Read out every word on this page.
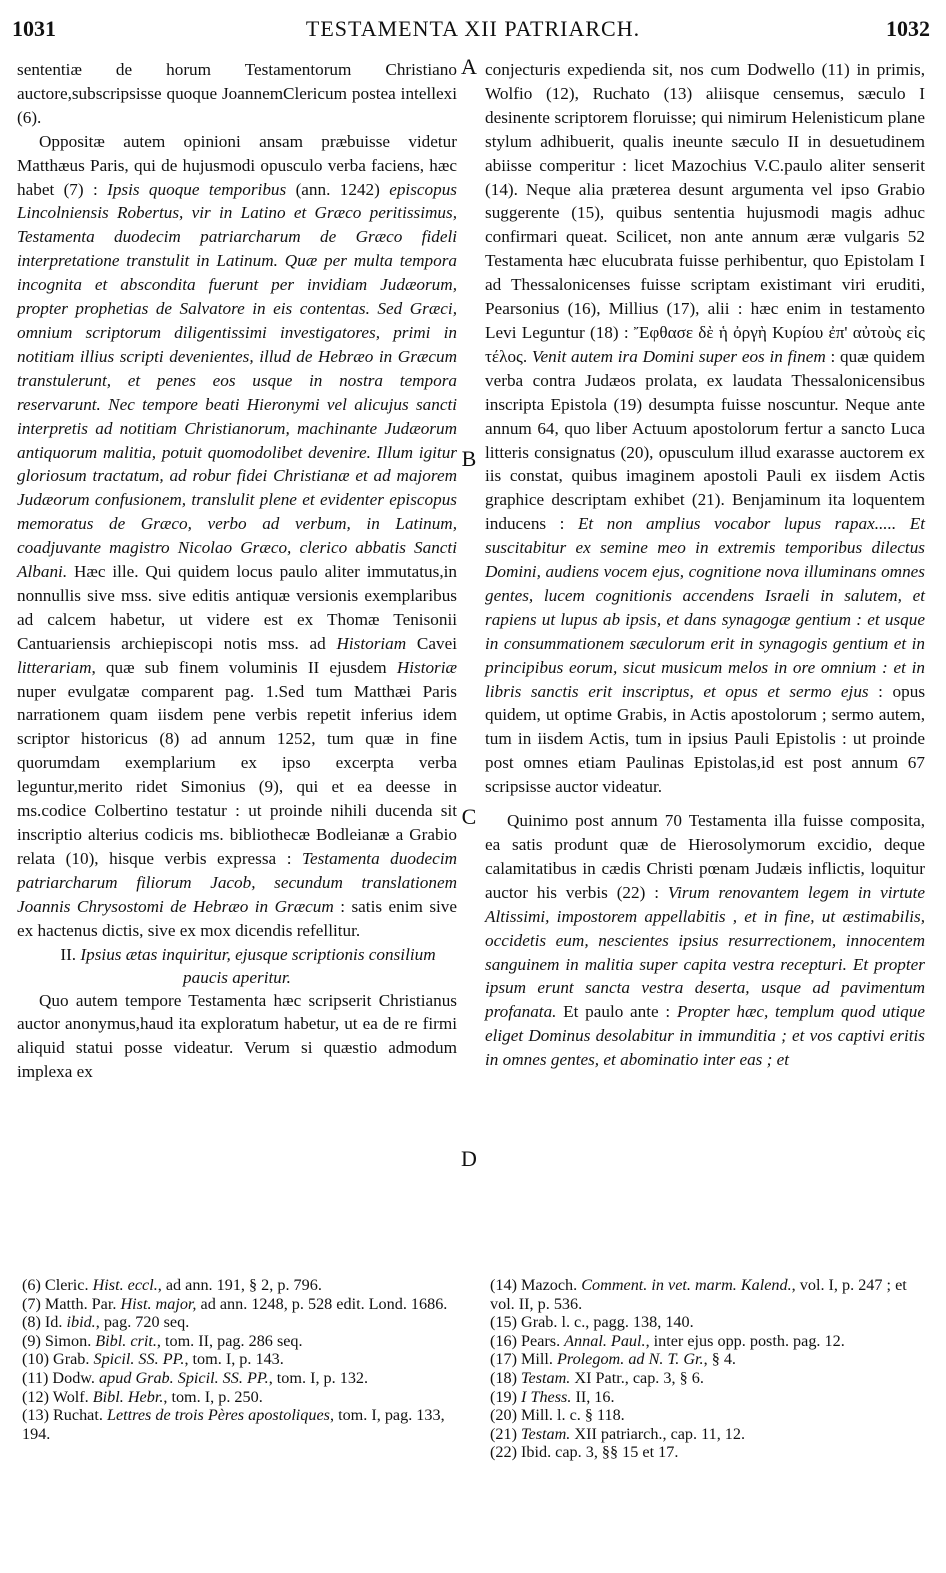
1031	TESTAMENTA XII PATRIARCH.	1032
A
B
C
D

sententiæ de horum Testamentorum Christiano auctore,subscripsisse quoque JoannemClericum postea intellexi (6).

Oppositæ autem opinioni ansam præbuisse videtur Matthæus Paris, qui de hujusmodi opusculo verba faciens, hæc habet (7) : Ipsis quoque temporibus (ann. 1242) episcopus Lincolniensis Robertus, vir in Latino et Græco peritissimus, Testamenta duodecim patriarcharum de Græco fideli interpretatione transtulit in Latinum. Quæ per multa tempora incognita et abscondita fuerunt per invidiam Judæorum, propter prophetias de Salvatore in eis contentas. Sed Græci, omnium scriptorum diligentissimi investigatores, primi in notitiam illius scripti devenientes, illud de Hebræo in Græcum transtulerunt, et penes eos usque in nostra tempora reservarunt. Nec tempore beati Hieronymi vel alicujus sancti interpretis ad notitiam Christianorum, machinante Judæorum antiquorum malitia, potuit quomodolibet devenire. Illum igitur gloriosum tractatum, ad robur fidei Christianæ et ad majorem Judæorum confusionem, translulit plene et evidenter episcopus memoratus de Græco, verbo ad verbum, in Latinum, coadjuvante magistro Nicolao Græco, clerico abbatis Sancti Albani. Hæc ille. Qui quidem locus paulo aliter immutatus,in nonnullis sive mss. sive editis antiquæ versionis exemplaribus ad calcem habetur, ut videre est ex Thomæ Tenisonii Cantuariensis archiepiscopi notis mss. ad Historiam Cavei litterariam, quæ sub finem voluminis II ejusdem Historiæ nuper evulgatæ comparent pag. 1.Sed tum Matthæi Paris narrationem quam iisdem pene verbis repetit inferius idem scriptor historicus (8) ad annum 1252, tum quæ in fine quorumdam exemplarium ex ipso excerpta verba leguntur,merito ridet Simonius (9), qui et ea deesse in ms.codice Colbertino testatur : ut proinde nihili ducenda sit inscriptio alterius codicis ms. bibliothecæ Bodleianæ a Grabio relata (10), hisque verbis expressa : Testamenta duodecim patriarcharum filiorum Jacob, secundum translationem Joannis Chrysostomi de Hebræo in Græcum : satis enim sive ex hactenus dictis, sive ex mox dicendis refellitur.

II. Ipsius ætas inquiritur, ejusque scriptionis consilium paucis aperitur.

Quo autem tempore Testamenta hæc scripserit Christianus auctor anonymus,haud ita exploratum habetur, ut ea de re firmi aliquid statui posse videatur. Verum si quæstio admodum implexa ex

conjecturis expedienda sit, nos cum Dodwello (11) in primis, Wolfio (12), Ruchato (13) aliisque censemus, sæculo I desinente scriptorem floruisse; qui nimirum Helenisticum plane stylum adhibuerit, qualis ineunte sæculo II in desuetudinem abiisse comperitur : licet Mazochius V.C.paulo aliter senserit (14). Neque alia præterea desunt argumenta vel ipso Grabio suggerente (15), quibus sententia hujusmodi magis adhuc confirmari queat. Scilicet, non ante annum æræ vulgaris 52 Testamenta hæc elucubrata fuisse perhibentur, quo Epistolam I ad Thessalonicenses fuisse scriptam existimant viri eruditi, Pearsonius (16), Millius (17), alii : hæc enim in testamento Levi Leguntur (18) : Ἔφθασε δὲ ἡ ὀργὴ Κυρίου ἐπ' αὐτοὺς εἰς τέλος. Venit autem ira Domini super eos in finem : quæ quidem verba contra Judæos prolata, ex laudata Thessalonicensibus inscripta Epistola (19) desumpta fuisse noscuntur. Neque ante annum 64, quo liber Actuum apostolorum fertur a sancto Luca litteris consignatus (20), opusculum illud exarasse auctorem ex iis constat, quibus imaginem apostoli Pauli ex iisdem Actis graphice descriptam exhibet (21). Benjaminum ita loquentem inducens : Et non amplius vocabor lupus rapax..... Et suscitabitur ex semine meo in extremis temporibus dilectus Domini, audiens vocem ejus, cognitione nova illuminans omnes gentes, lucem cognitionis accendens Israeli in salutem, et rapiens ut lupus ab ipsis, et dans synagogæ gentium : et usque in consummationem sæculorum erit in synagogis gentium et in principibus eorum, sicut musicum melos in ore omnium : et in libris sanctis erit inscriptus, et opus et sermo ejus : opus quidem, ut optime Grabis, in Actis apostolorum ; sermo autem, tum in iisdem Actis, tum in ipsius Pauli Epistolis : ut proinde post omnes etiam Paulinas Epistolas,id est post annum 67 scripsisse auctor videatur.

Quinimo post annum 70 Testamenta illa fuisse composita, ea satis produnt quæ de Hierosolymorum excidio, deque calamitatibus in cædis Christi pœnam Judæis inflictis, loquitur auctor his verbis (22) : Virum renovantem legem in virtute Altissimi, impostorem appellabitis , et in fine, ut æstimabilis, occidetis eum, nescientes ipsius resurrectionem, innocentem sanguinem in malitia super capita vestra recepturi. Et propter ipsum erunt sancta vestra deserta, usque ad pavimentum profanata. Et paulo ante : Propter hæc, templum quod utique eliget Dominus desolabitur in immunditia ; et vos captivi eritis in omnes gentes, et abominatio inter eas ; et

(6) Cleric. Hist. eccl., ad ann. 191, § 2, p. 796.
(7) Matth. Par. Hist. major, ad ann. 1248, p. 528 edit. Lond. 1686.
(8) Id. ibid., pag. 720 seq.
(9) Simon. Bibl. crit., tom. II, pag. 286 seq.
(10) Grab. Spicil. SS. PP., tom. I, p. 143.
(11) Dodw. apud Grab. Spicil. SS. PP., tom. I, p. 132.
(12) Wolf. Bibl. Hebr., tom. I, p. 250.
(13) Ruchat. Lettres de trois Pères apostoliques, tom. I, pag. 133, 194.
(14) Mazoch. Comment. in vet. marm. Kalend., vol. I, p. 247 ; et vol. II, p. 536.
(15) Grab. l. c., pagg. 138, 140.
(16) Pears. Annal. Paul., inter ejus opp. posth. pag. 12.
(17) Mill. Prolegom. ad N. T. Gr., § 4.
(18) Testam. XI Patr., cap. 3, § 6.
(19) I Thess. II, 16.
(20) Mill. l. c. § 118.
(21) Testam. XII patriarch., cap. 11, 12.
(22) Ibid. cap. 3, §§ 15 et 17.
